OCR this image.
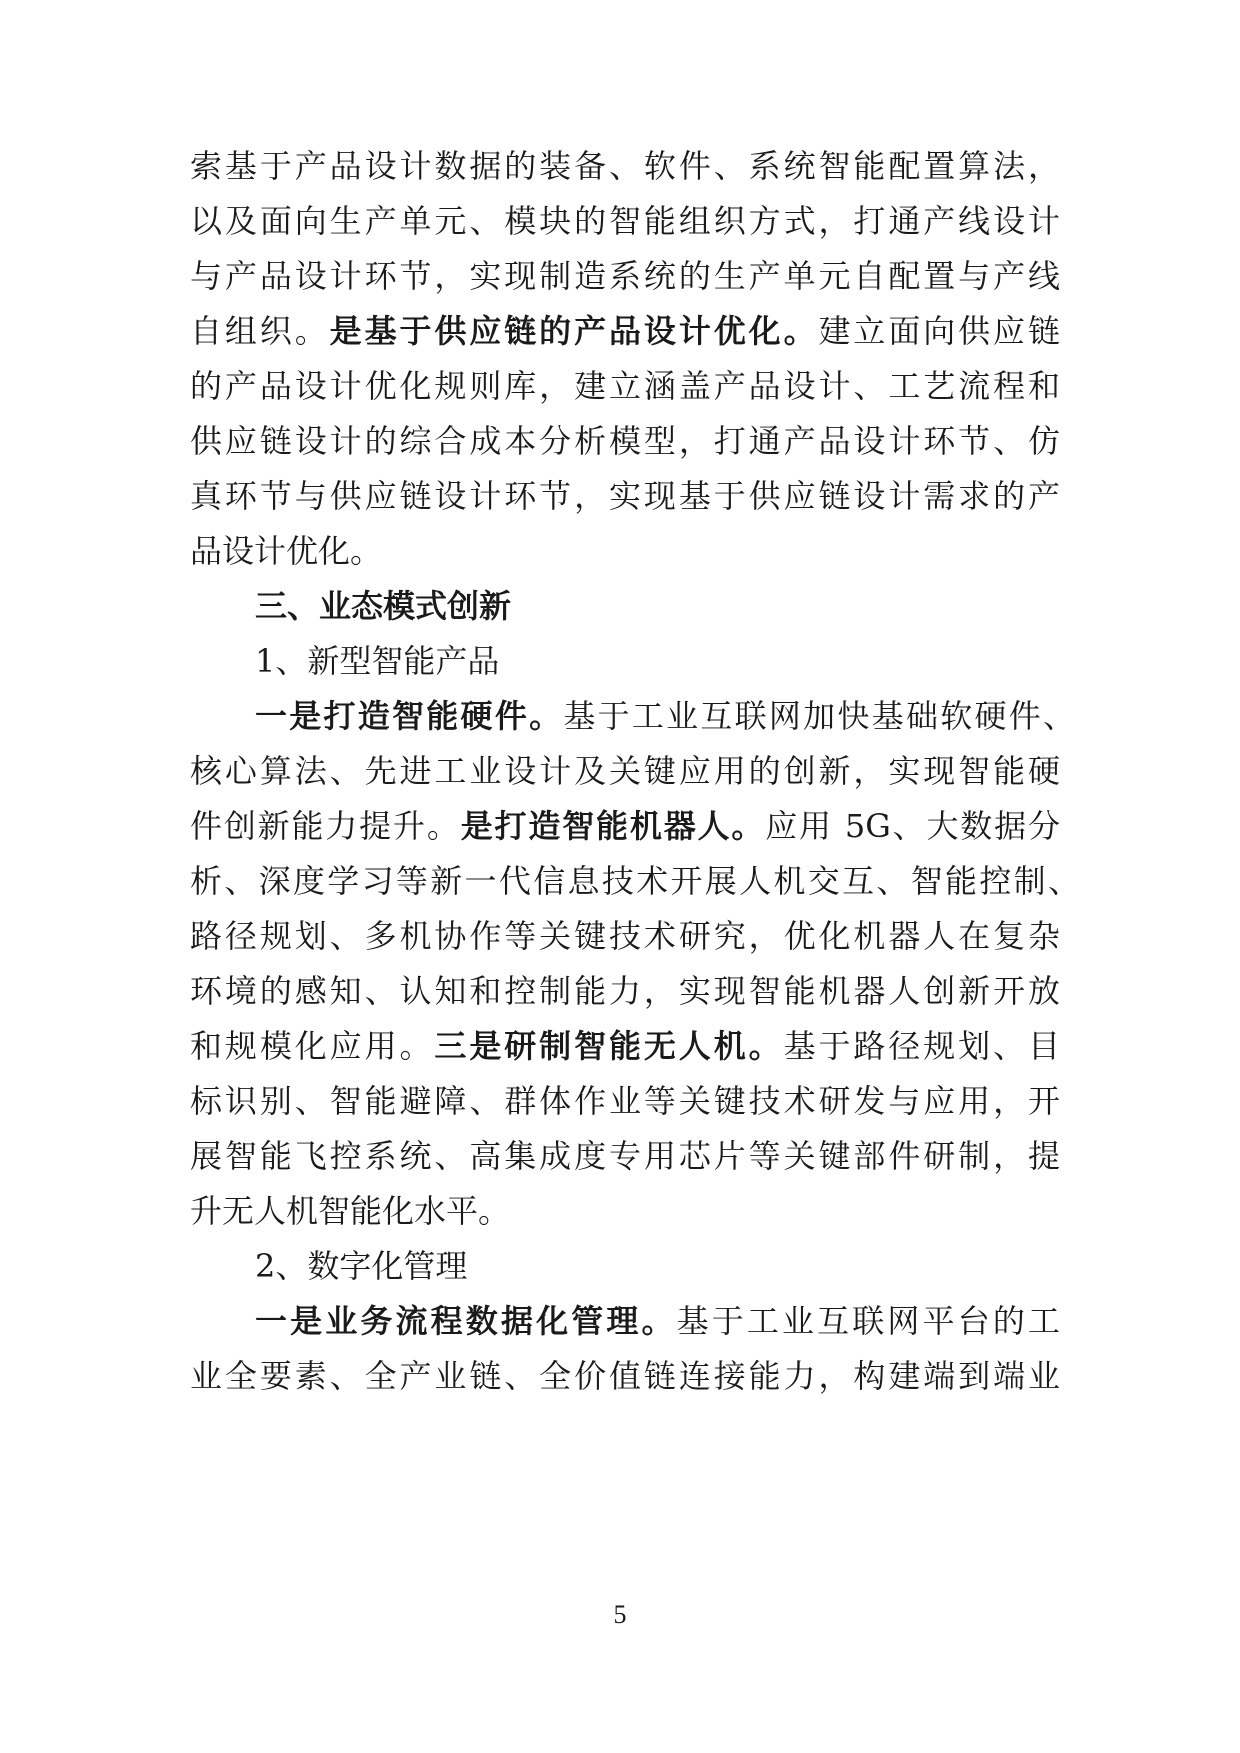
索基于产品设计数据的装备、软件、系统智能配置算法，
以及面向生产单元、模块的智能组织方式，打通产线设计
与产品设计环节，实现制造系统的生产单元自配置与产线
自组织。是基于供应链的产品设计优化。建立面向供应链
的产品设计优化规则库，建立涵盖产品设计、工艺流程和
供应链设计的综合成本分析模型，打通产品设计环节、仿
真环节与供应链设计环节，实现基于供应链设计需求的产
品设计优化。
三、业态模式创新
1、新型智能产品
一是打造智能硬件。基于工业互联网加快基础软硬件、
核心算法、先进工业设计及关键应用的创新，实现智能硬
件创新能力提升。是打造智能机器人。应用 5G、大数据分
析、深度学习等新一代信息技术开展人机交互、智能控制、
路径规划、多机协作等关键技术研究，优化机器人在复杂
环境的感知、认知和控制能力，实现智能机器人创新开放
和规模化应用。三是研制智能无人机。基于路径规划、目
标识别、智能避障、群体作业等关键技术研发与应用，开
展智能飞控系统、高集成度专用芯片等关键部件研制，提
升无人机智能化水平。
2、数字化管理
一是业务流程数据化管理。基于工业互联网平台的工
业全要素、全产业链、全价值链连接能力，构建端到端业
5
